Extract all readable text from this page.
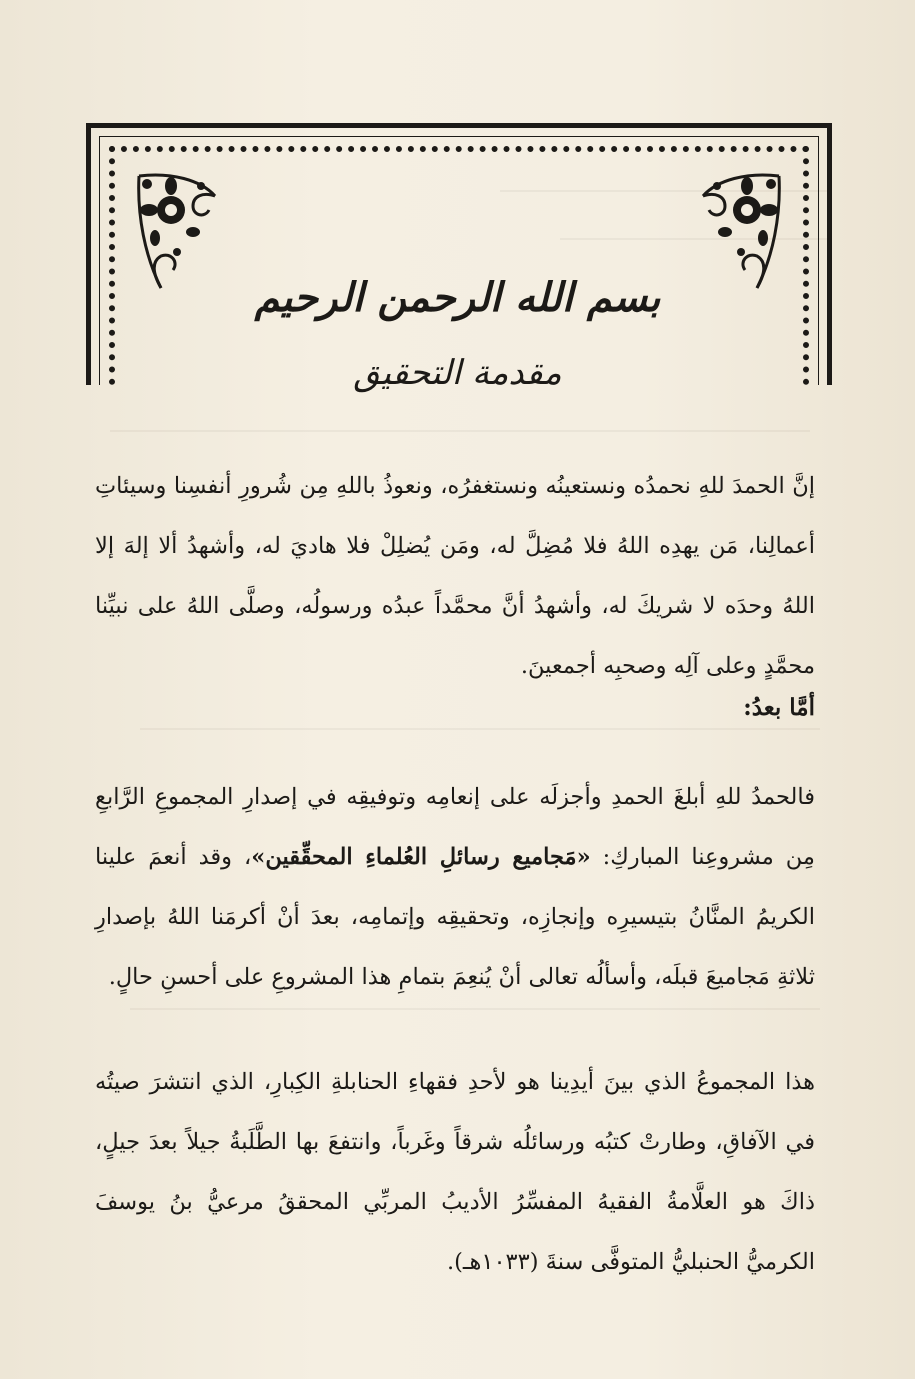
بسم الله الرحمن الرحيم
مقدمة التحقيق

إنَّ الحمدَ للهِ نحمدُه ونستعينُه ونستغفرُه، ونعوذُ باللهِ مِن شُرورِ أنفسِنا وسيئاتِ أعمالِنا، مَن يهدِه اللهُ فلا مُضِلَّ له، ومَن يُضلِلْ فلا هاديَ له، وأشهدُ ألا إلهَ إلا اللهُ وحدَه لا شريكَ له، وأشهدُ أنَّ محمَّداً عبدُه ورسولُه، وصلَّى اللهُ على نبيِّنا محمَّدٍ وعلى آلِه وصحبِه أجمعينَ.

أمَّا بعدُ:

فالحمدُ للهِ أبلغَ الحمدِ وأجزلَه على إنعامِه وتوفيقِه في إصدارِ المجموعِ الرَّابعِ مِن مشروعِنا المباركِ: «مَجاميع رسائلِ العُلماءِ المحقِّقين»، وقد أنعمَ علينا الكريمُ المنَّانُ بتيسيرِه وإنجازِه، وتحقيقِه وإتمامِه، بعدَ أنْ أكرمَنا اللهُ بإصدارِ ثلاثةِ مَجاميعَ قبلَه، وأسألُه تعالى أنْ يُنعِمَ بتمامِ هذا المشروعِ على أحسنِ حالٍ.

هذا المجموعُ الذي بينَ أيدِينا هو لأحدِ فقهاءِ الحنابلةِ الكِبارِ، الذي انتشرَ صيتُه في الآفاقِ، وطارتْ كتبُه ورسائلُه شرقاً وغَرباً، وانتفعَ بها الطَّلَبةُ جيلاً بعدَ جيلٍ، ذاكَ هو العلَّامةُ الفقيهُ المفسِّرُ الأديبُ المربِّي المحققُ مرعيُّ بنُ يوسفَ الكرميُّ الحنبليُّ المتوفَّى سنةَ (١٠٣٣هـ).
